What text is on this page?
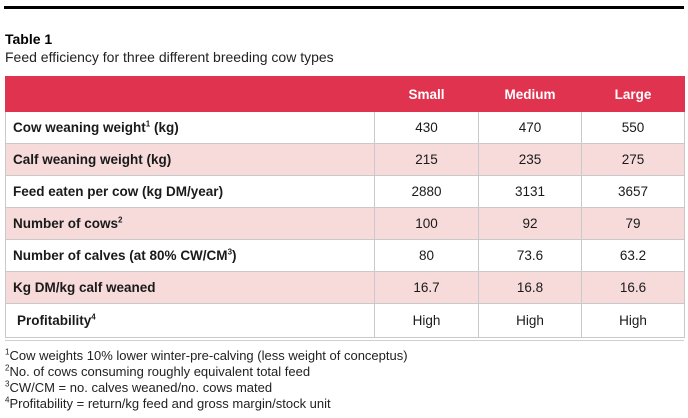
Table 1
Feed efficiency for three different breeding cow types
	Small	Medium	Large
Cow weaning weight$^1$ (kg)	430	470	550
Calf weaning weight (kg)	215	235	275
Feed eaten per cow (kg DM/year)	2880	3131	3657
Number of cows$^2$	100	92	79
Number of calves (at 80% $CW/CM^3$)	80	73.6	63.2
Kg DM/kg calf weaned	16.7	16.8	16.6
Profitability$^4$	High	High	High
$^1$Cow weights 10% lower winter-pre-calving (less weight of conceptus)
$^2$No. of cows consuming roughly equivalent total feed
$^3$CW/CM = no. calves weaned/no. cows mated
$^4$Profitability = return/kg feed and gross margin/stock unit
